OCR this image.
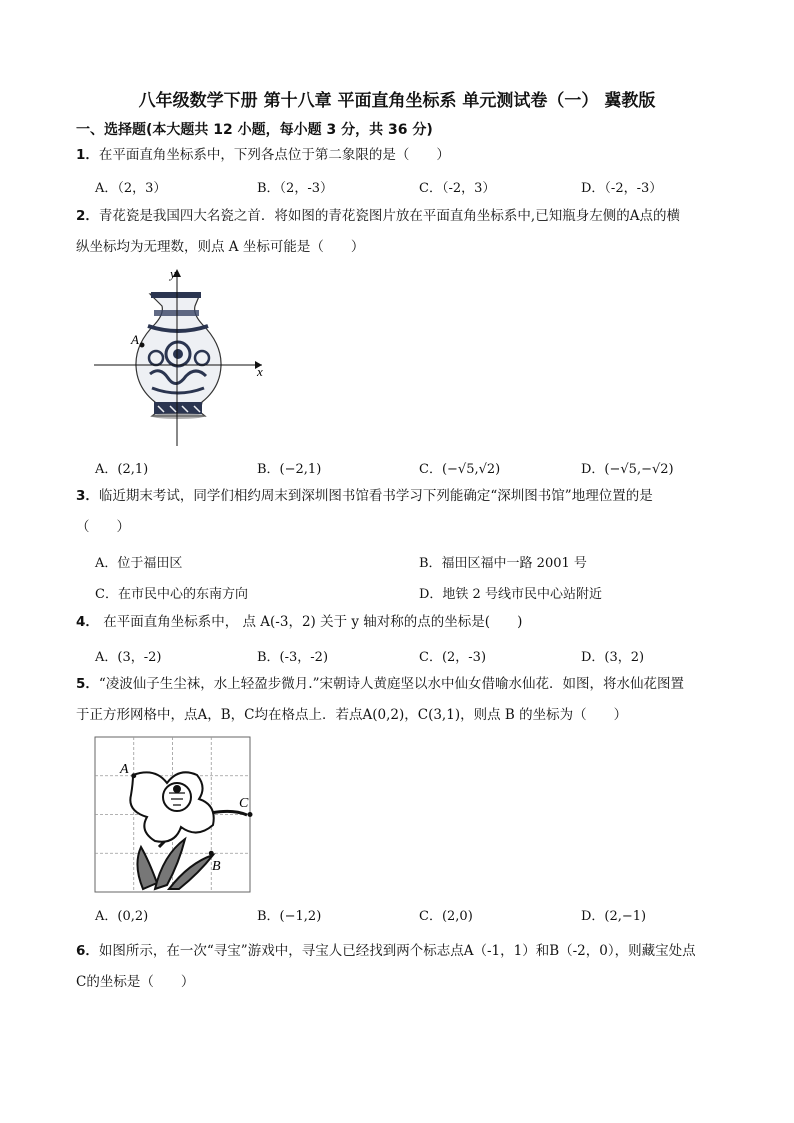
八年级数学下册 第十八章 平面直角坐标系 单元测试卷（一） 冀教版
一、选择题(本大题共 12 小题，每小题 3 分，共 36 分)
1．在平面直角坐标系中，下列各点位于第二象限的是（　　）
A．（2，3）	B．（2，-3）	C．（-2，3）	D．（-2，-3）
2．青花瓷是我国四大名瓷之首．将如图的青花瓷图片放在平面直角坐标系中,已知瓶身左侧的A点的横
纵坐标均为无理数，则点 A 坐标可能是（　　）
y
x
A
A．(2,1)	B．(−2,1)	C．(−√5,√2)	D．(−√5,−√2)
3．临近期末考试，同学们相约周末到深圳图书馆看书学习下列能确定“深圳图书馆”地理位置的是
（　　）
A．位于福田区	B．福田区福中一路 2001 号
C．在市民中心的东南方向	D．地铁 2 号线市民中心站附近
4． 在平面直角坐标系中， 点 A(-3，2) 关于 y 轴对称的点的坐标是(　　)
A．(3，-2)	B．(-3，-2)	C．(2，-3)	D．(3，2)
5．“凌波仙子生尘袜，水上轻盈步微月.”宋朝诗人黄庭坚以水中仙女借喻水仙花．如图，将水仙花图置
于正方形网格中，点A，B，C均在格点上．若点A(0,2)，C(3,1)，则点 B 的坐标为（　　）
A
B
C
A．(0,2)	B．(−1,2)	C．(2,0)	D．(2,−1)
6．如图所示，在一次“寻宝”游戏中，寻宝人已经找到两个标志点A（-1，1）和B（-2，0），则藏宝处点
C的坐标是（　　）
